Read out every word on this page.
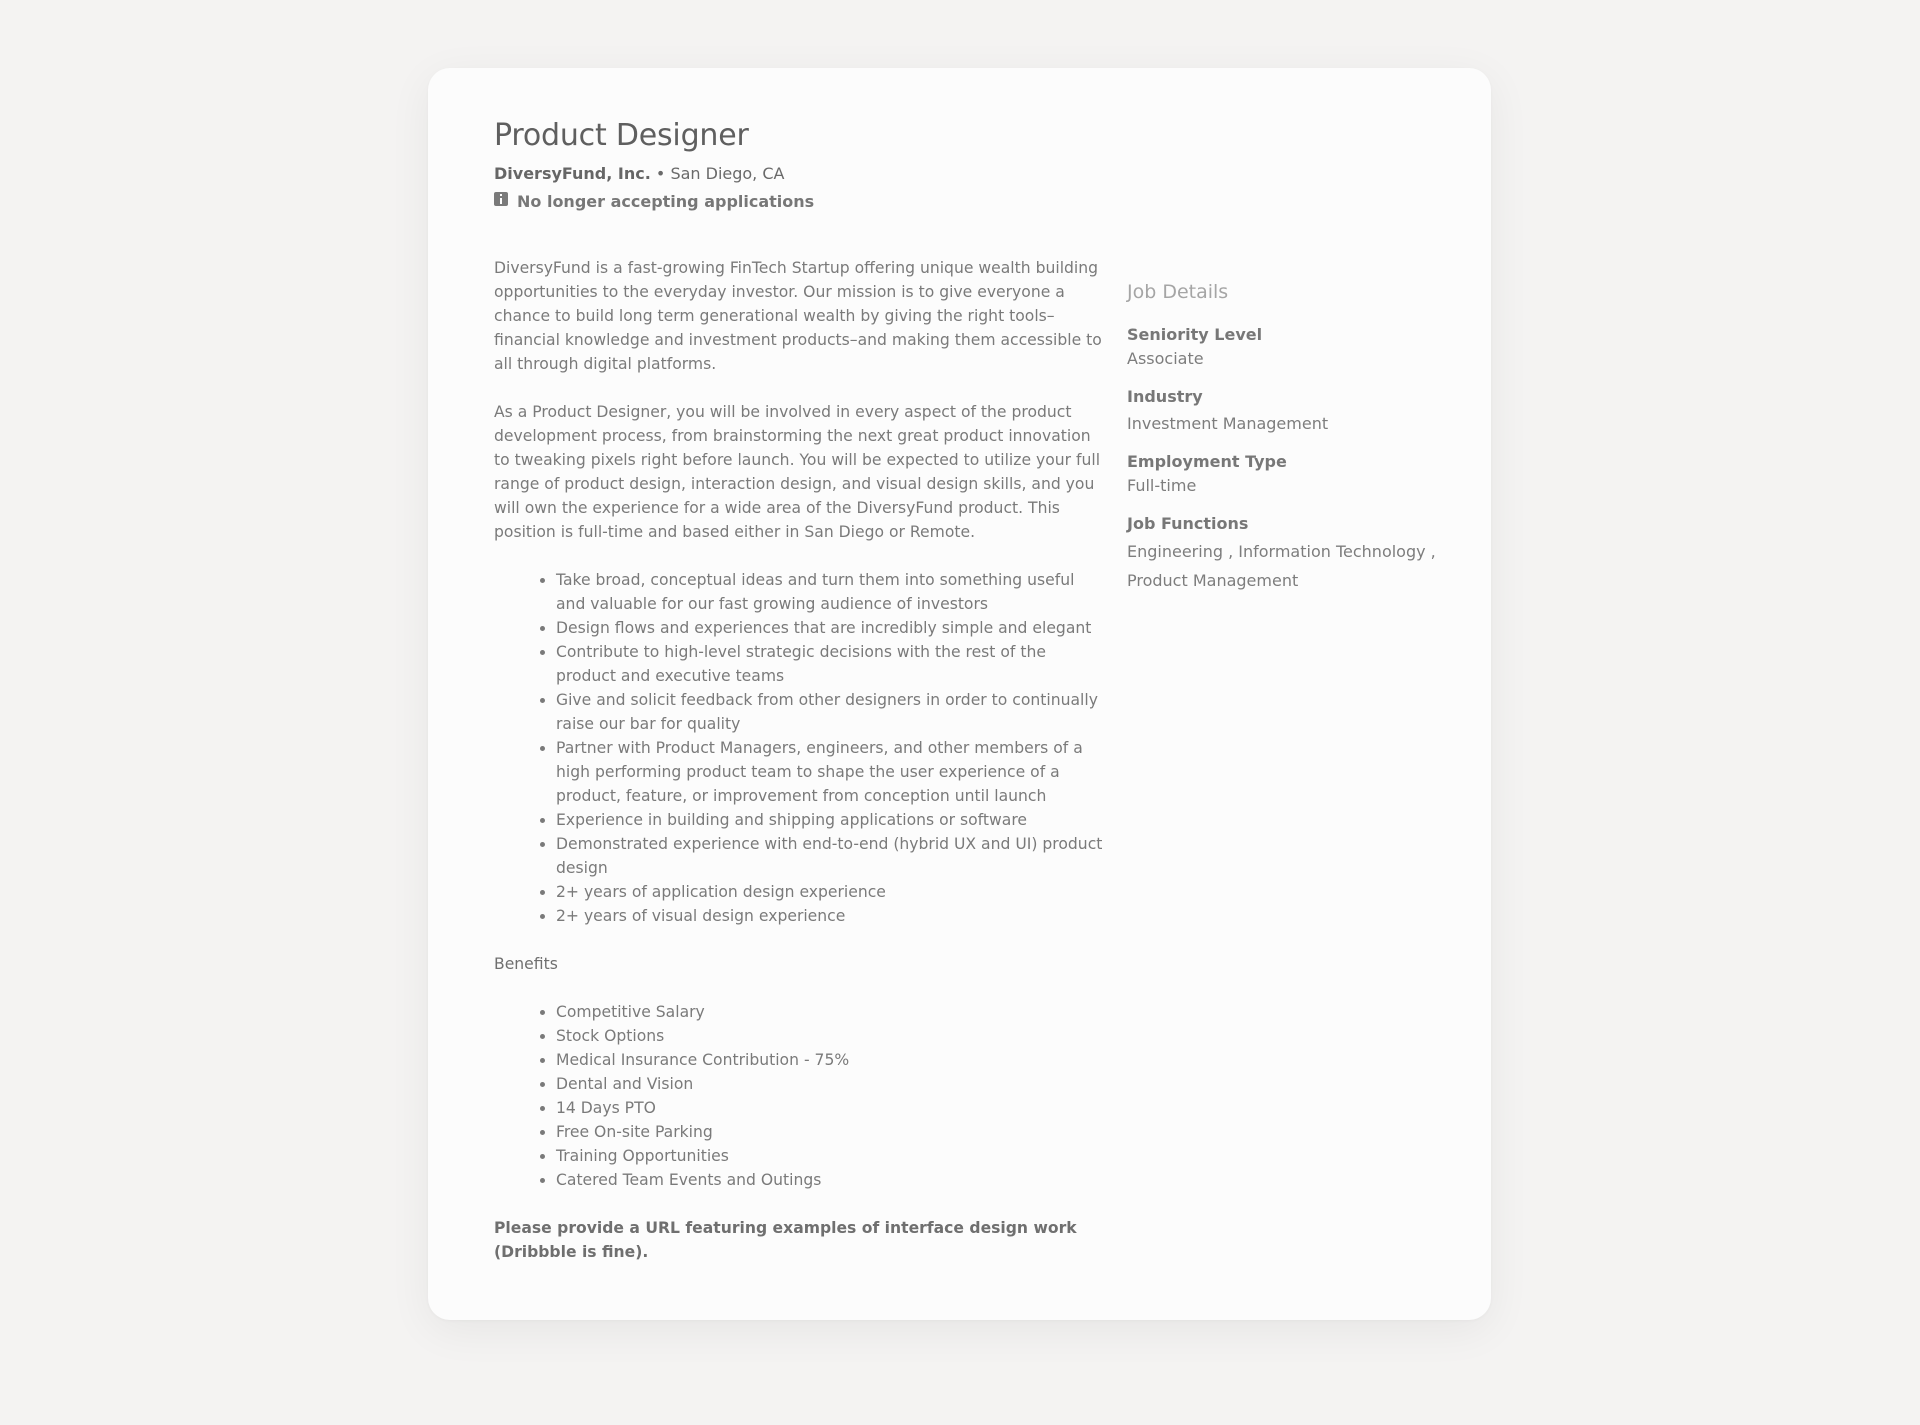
Product Designer
DiversyFund, Inc. • San Diego, CA
No longer accepting applications

DiversyFund is a fast-growing FinTech Startup offering unique wealth building opportunities to the everyday investor. Our mission is to give everyone a chance to build long term generational wealth by giving the right tools–financial knowledge and investment products–and making them accessible to all through digital platforms.

As a Product Designer, you will be involved in every aspect of the product development process, from brainstorming the next great product innovation to tweaking pixels right before launch. You will be expected to utilize your full range of product design, interaction design, and visual design skills, and you will own the experience for a wide area of the DiversyFund product. This position is full-time and based either in San Diego or Remote.

• Take broad, conceptual ideas and turn them into something useful and valuable for our fast growing audience of investors
• Design flows and experiences that are incredibly simple and elegant
• Contribute to high-level strategic decisions with the rest of the product and executive teams
• Give and solicit feedback from other designers in order to continually raise our bar for quality
• Partner with Product Managers, engineers, and other members of a high performing product team to shape the user experience of a product, feature, or improvement from conception until launch
• Experience in building and shipping applications or software
• Demonstrated experience with end-to-end (hybrid UX and UI) product design
• 2+ years of application design experience
• 2+ years of visual design experience

Benefits

• Competitive Salary
• Stock Options
• Medical Insurance Contribution - 75%
• Dental and Vision
• 14 Days PTO
• Free On-site Parking
• Training Opportunities
• Catered Team Events and Outings

Please provide a URL featuring examples of interface design work (Dribbble is fine).

Job Details
Seniority Level
Associate
Industry
Investment Management
Employment Type
Full-time
Job Functions
Engineering , Information Technology , Product Management
